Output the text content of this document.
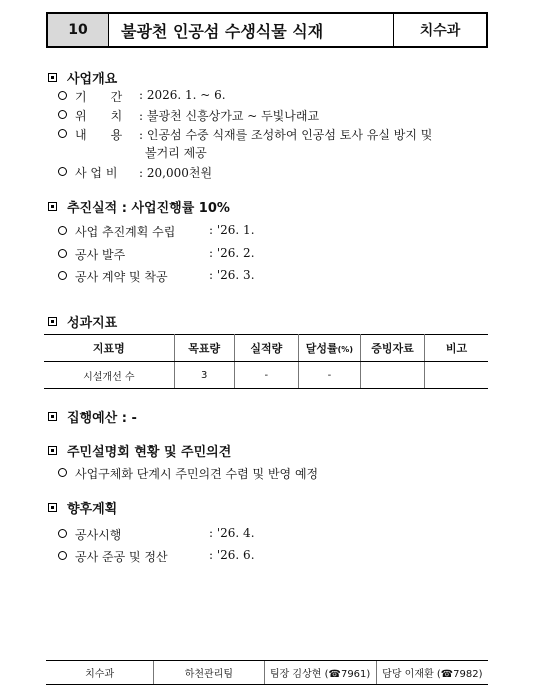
10	불광천 인공섬 수생식물 식재	치수과
사업개요
기　　간	: 2026. 1. ~ 6.
위　　치	: 불광천 신흥상가교 ~ 두빛나래교
내　　용	: 인공섬 수중 식재를 조성하여 인공섬 토사 유실 방지 및
볼거리 제공
사 업 비	: 20,000천원
추진실적 : 사업진행률 10%
사업 추진계획 수립	: '26. 1.
공사 발주	: '26. 2.
공사 계약 및 착공	: '26. 3.
성과지표
지표명	목표량	실적량	달성률(%)	증빙자료	비고
시설개선 수	3	-	-		
집행예산 : -
주민설명회 현황 및 주민의견
사업구체화 단계시 주민의견 수렴 및 반영 예정
향후계획
공사시행	: '26. 4.
공사 준공 및 정산	: '26. 6.
치수과	하천관리팀	팀장 김상현 (☎7961)	담당 이재환 (☎7982)
